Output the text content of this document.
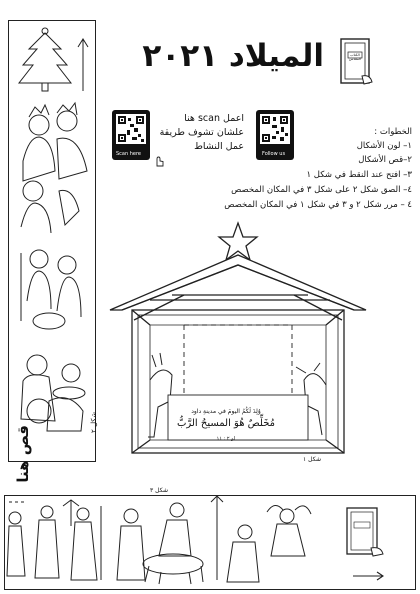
شكل ٢
قص هنا
الميلاد ٢٠٢١	الكتاب المقدس
Scan here	Follow us
اعمل scan هنا
علشان تشوف طريقة
عمل النشاط
الخطوات :
١– لون الأشكال
٢–قص الأشكال
٣– افتح عند النقط في شكل ١
٤– الصق شكل ٢ على شكل ٣ في المكان المخصص
٤ – مرر شكل ٢ و ٣ في شكل ١ في المكان المخصص
وُلِدَ لَكُمُ اليومَ في مدينةِ داود
مُخَلِّصٌ هُوَ المسيحُ الرَّبُّ
لو ٢ : ١١
شكل ١
شكل ٣
